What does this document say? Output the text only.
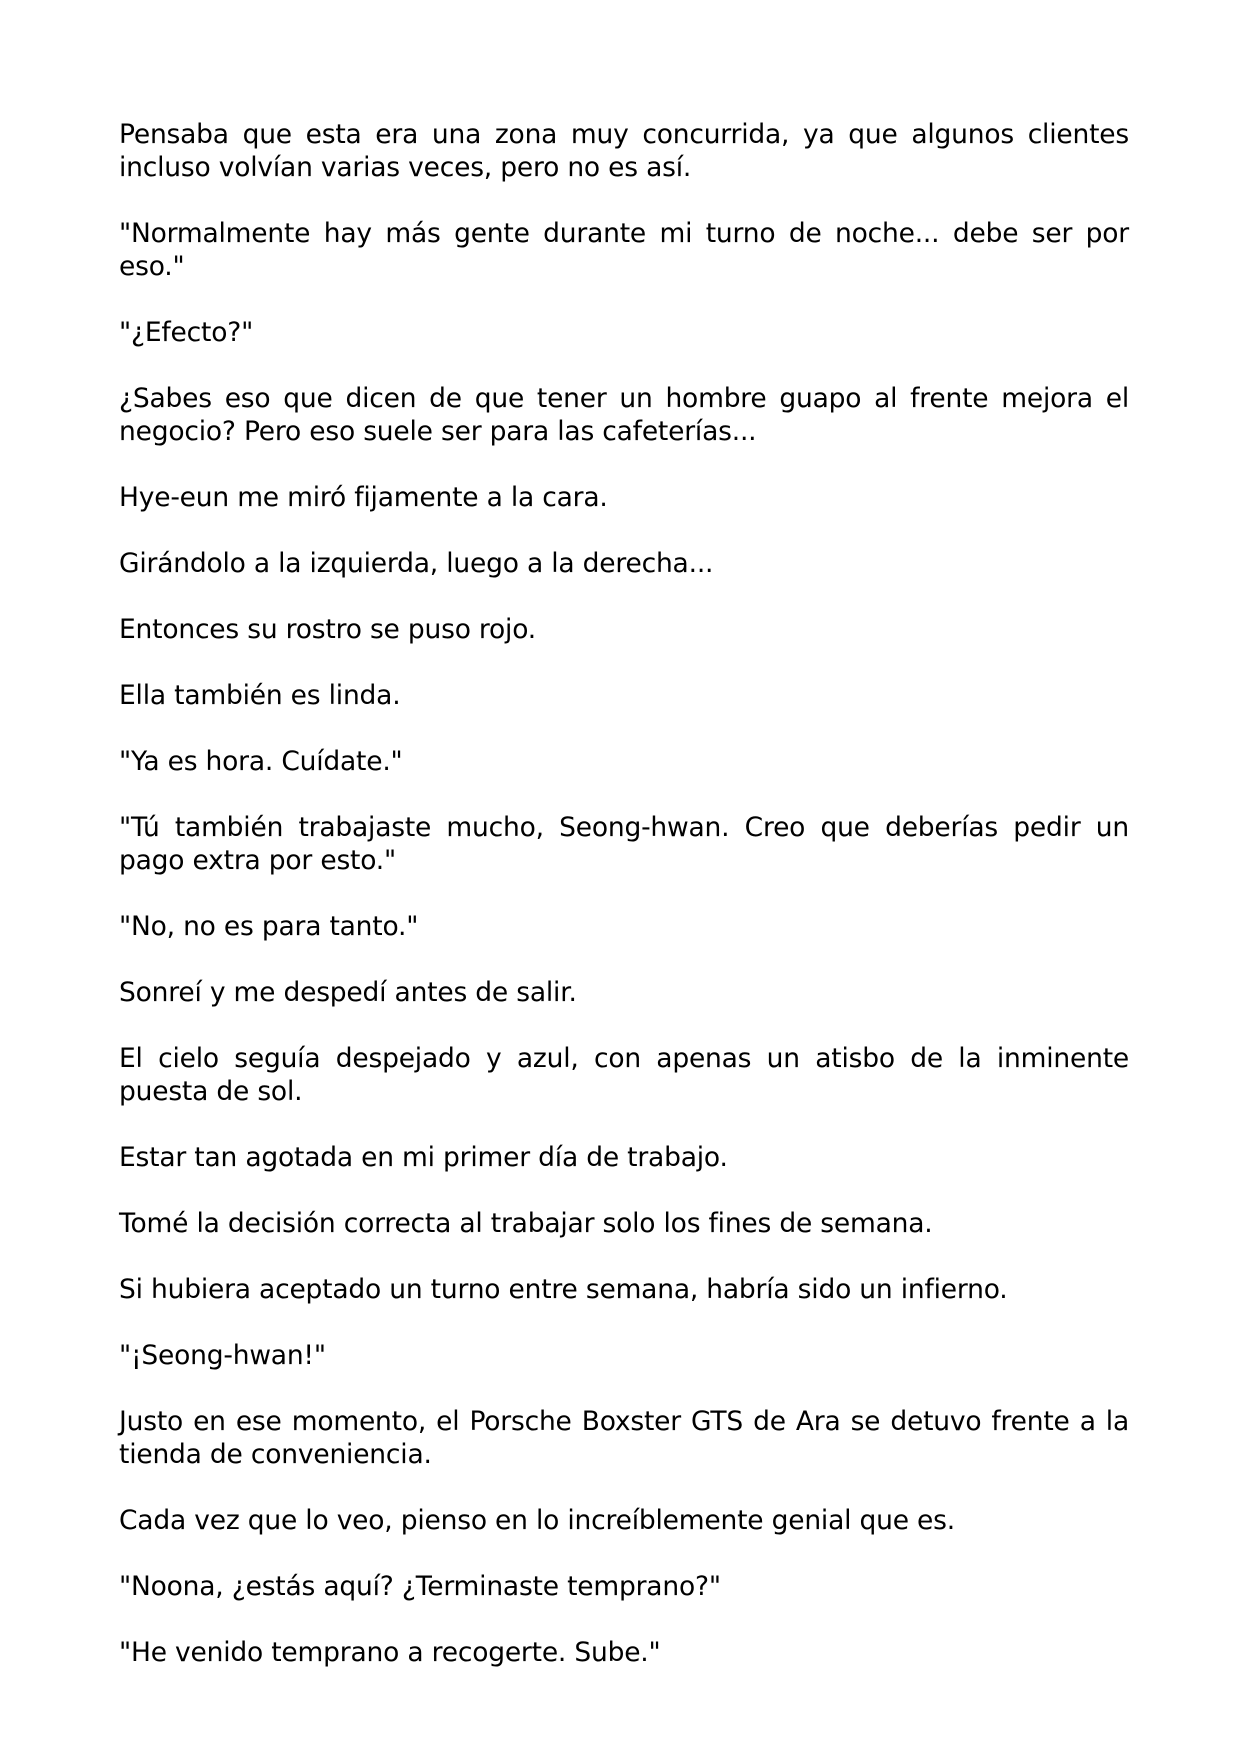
Pensaba que esta era una zona muy concurrida, ya que algunos clientes incluso volvían varias veces, pero no es así.

"Normalmente hay más gente durante mi turno de noche... debe ser por eso."

"¿Efecto?"

¿Sabes eso que dicen de que tener un hombre guapo al frente mejora el negocio? Pero eso suele ser para las cafeterías...

Hye-eun me miró fijamente a la cara.

Girándolo a la izquierda, luego a la derecha...

Entonces su rostro se puso rojo.

Ella también es linda.

"Ya es hora. Cuídate."

"Tú también trabajaste mucho, Seong-hwan. Creo que deberías pedir un pago extra por esto."

"No, no es para tanto."

Sonreí y me despedí antes de salir.

El cielo seguía despejado y azul, con apenas un atisbo de la inminente puesta de sol.

Estar tan agotada en mi primer día de trabajo.

Tomé la decisión correcta al trabajar solo los fines de semana.

Si hubiera aceptado un turno entre semana, habría sido un infierno.

"¡Seong-hwan!"

Justo en ese momento, el Porsche Boxster GTS de Ara se detuvo frente a la tienda de conveniencia.

Cada vez que lo veo, pienso en lo increíblemente genial que es.

"Noona, ¿estás aquí? ¿Terminaste temprano?"

"He venido temprano a recogerte. Sube."
